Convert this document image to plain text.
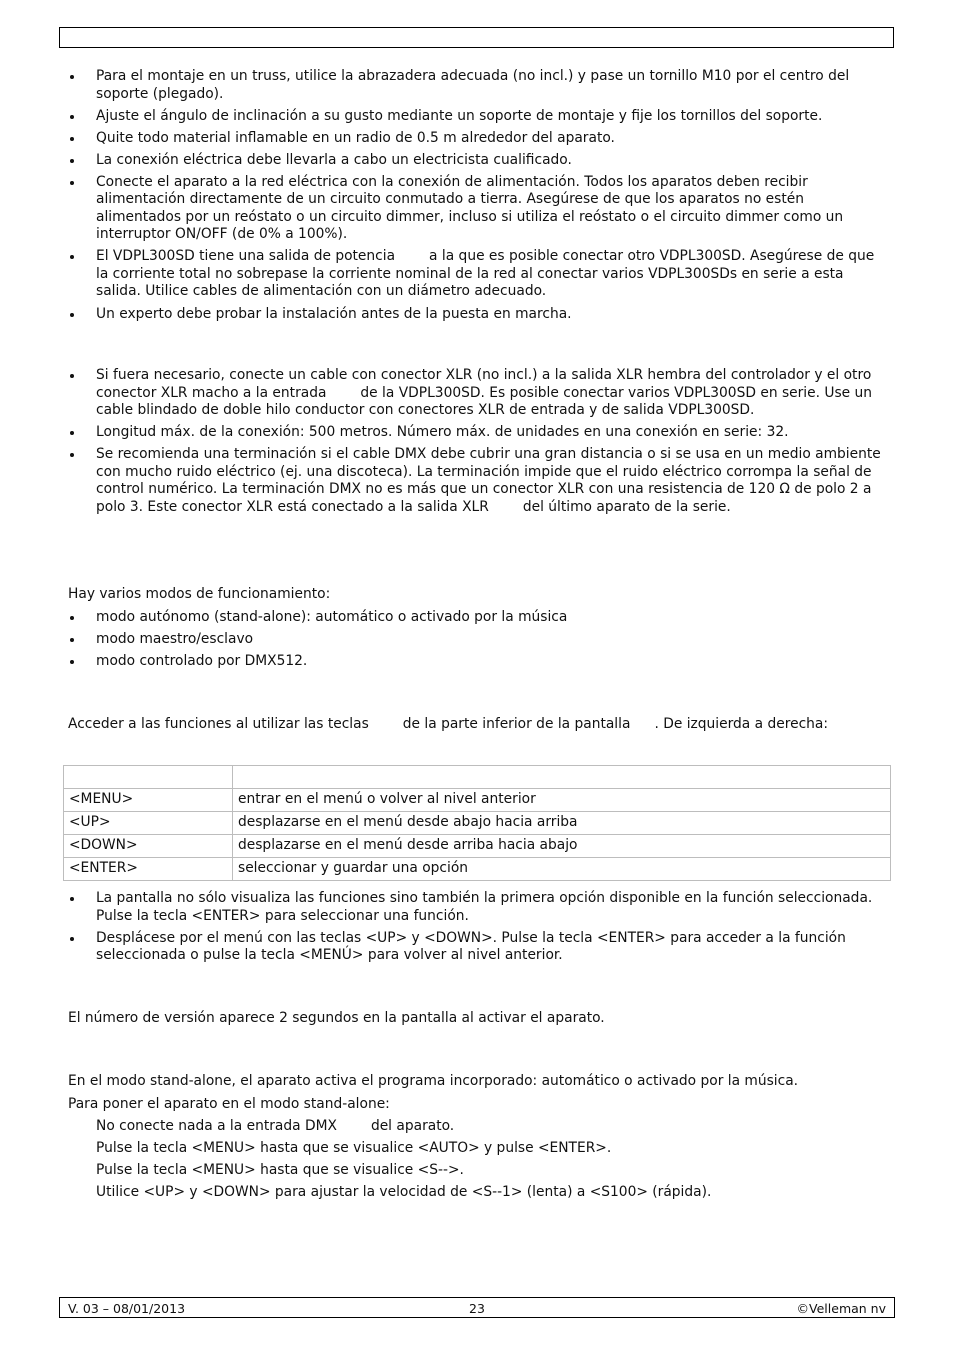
Para el montaje en un truss, utilice la abrazadera adecuada (no incl.) y pase un tornillo M10 por el centro del soporte (plegado).
Ajuste el ángulo de inclinación a su gusto mediante un soporte de montaje y fije los tornillos del soporte.
Quite todo material inflamable en un radio de 0.5 m alrededor del aparato.
La conexión eléctrica debe llevarla a cabo un electricista cualificado.
Conecte el aparato a la red eléctrica con la conexión de alimentación. Todos los aparatos deben recibir alimentación directamente de un circuito conmutado a tierra. Asegúrese de que los aparatos no estén alimentados por un reóstato o un circuito dimmer, incluso si utiliza el reóstato o el circuito dimmer como un interruptor ON/OFF (de 0% a 100%).
El VDPL300SD tiene una salida de potencia a la que es posible conectar otro VDPL300SD. Asegúrese de que la corriente total no sobrepase la corriente nominal de la red al conectar varios VDPL300SDs en serie a esta salida. Utilice cables de alimentación con un diámetro adecuado.
Un experto debe probar la instalación antes de la puesta en marcha.
Si fuera necesario, conecte un cable con conector XLR (no incl.) a la salida XLR hembra del controlador y el otro conector XLR macho a la entrada de la VDPL300SD. Es posible conectar varios VDPL300SD en serie. Use un cable blindado de doble hilo conductor con conectores XLR de entrada y de salida VDPL300SD.
Longitud máx. de la conexión: 500 metros. Número máx. de unidades en una conexión en serie: 32.
Se recomienda una terminación si el cable DMX debe cubrir una gran distancia o si se usa en un medio ambiente con mucho ruido eléctrico (ej. una discoteca). La terminación impide que el ruido eléctrico corrompa la señal de control numérico. La terminación DMX no es más que un conector XLR con una resistencia de 120 Ω de polo 2 a polo 3. Este conector XLR está conectado a la salida XLR del último aparato de la serie.

Hay varios modos de funcionamiento:

modo autónomo (stand-alone): automático o activado por la música
modo maestro/esclavo
modo controlado por DMX512.

Acceder a las funciones al utilizar las teclas de la parte inferior de la pantalla . De izquierda a derecha:

<MENU>	entrar en el menú o volver al nivel anterior
<UP>	desplazarse en el menú desde abajo hacia arriba
<DOWN>	desplazarse en el menú desde arriba hacia abajo
<ENTER>	seleccionar y guardar una opción
La pantalla no sólo visualiza las funciones sino también la primera opción disponible en la función seleccionada. Pulse la tecla <ENTER> para seleccionar una función.
Desplácese por el menú con las teclas <UP> y <DOWN>. Pulse la tecla <ENTER> para acceder a la función seleccionada o pulse la tecla <MENÚ> para volver al nivel anterior.

El número de versión aparece 2 segundos en la pantalla al activar el aparato.

En el modo stand-alone, el aparato activa el programa incorporado: automático o activado por la música.

Para poner el aparato en el modo stand-alone:

No conecte nada a la entrada DMX del aparato.
Pulse la tecla <MENU> hasta que se visualice <AUTO> y pulse <ENTER>.
Pulse la tecla <MENU> hasta que se visualice <S-->.
Utilice <UP> y <DOWN> para ajustar la velocidad de <S--1> (lenta) a <S100> (rápida).
V. 03 – 08/01/2013	23	©Velleman nv
